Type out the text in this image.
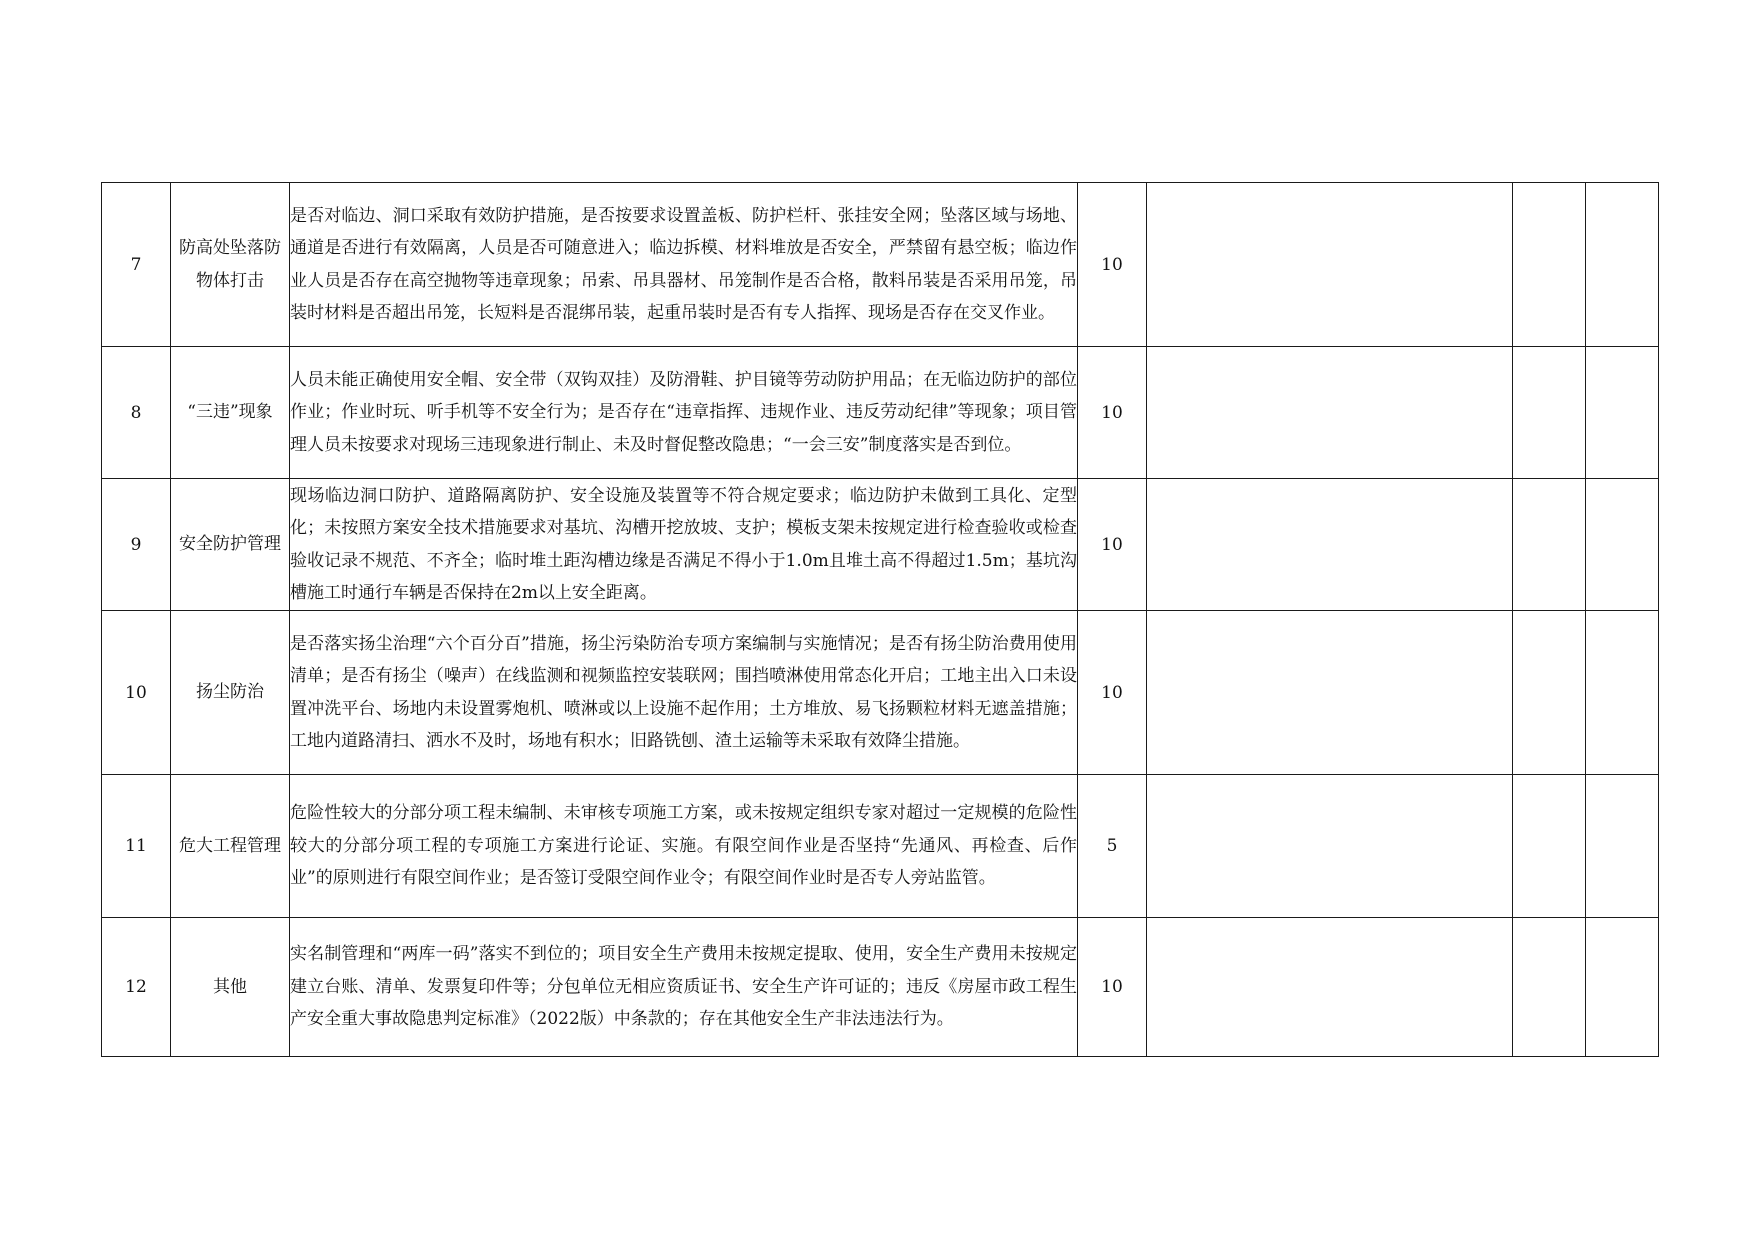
7	防高处坠落防物体打击	是否对临边、洞口采取有效防护措施，是否按要求设置盖板、防护栏杆、张挂安全网；坠落区域与场地、通道是否进行有效隔离，人员是否可随意进入；临边拆模、材料堆放是否安全，严禁留有悬空板；临边作业人员是否存在高空抛物等违章现象；吊索、吊具器材、吊笼制作是否合格，散料吊装是否采用吊笼，吊装时材料是否超出吊笼，长短料是否混绑吊装，起重吊装时是否有专人指挥、现场是否存在交叉作业。	10			
8	“三违”现象	人员未能正确使用安全帽、安全带（双钩双挂）及防滑鞋、护目镜等劳动防护用品；在无临边防护的部位作业；作业时玩、听手机等不安全行为；是否存在“违章指挥、违规作业、违反劳动纪律”等现象；项目管理人员未按要求对现场三违现象进行制止、未及时督促整改隐患；“一会三安”制度落实是否到位。	10			
9	安全防护管理	现场临边洞口防护、道路隔离防护、安全设施及装置等不符合规定要求；临边防护未做到工具化、定型化；未按照方案安全技术措施要求对基坑、沟槽开挖放坡、支护；模板支架未按规定进行检查验收或检查验收记录不规范、不齐全；临时堆土距沟槽边缘是否满足不得小于1.0m且堆土高不得超过1.5m；基坑沟槽施工时通行车辆是否保持在2m以上安全距离。	10			
10	扬尘防治	是否落实扬尘治理“六个百分百”措施，扬尘污染防治专项方案编制与实施情况；是否有扬尘防治费用使用清单；是否有扬尘（噪声）在线监测和视频监控安装联网；围挡喷淋使用常态化开启；工地主出入口未设置冲洗平台、场地内未设置雾炮机、喷淋或以上设施不起作用；土方堆放、易飞扬颗粒材料无遮盖措施；工地内道路清扫、洒水不及时，场地有积水；旧路铣刨、渣土运输等未采取有效降尘措施。	10			
11	危大工程管理	危险性较大的分部分项工程未编制、未审核专项施工方案，或未按规定组织专家对超过一定规模的危险性较大的分部分项工程的专项施工方案进行论证、实施。有限空间作业是否坚持“先通风、再检查、后作业”的原则进行有限空间作业；是否签订受限空间作业令；有限空间作业时是否专人旁站监管。	5			
12	其他	实名制管理和“两库一码”落实不到位的；项目安全生产费用未按规定提取、使用，安全生产费用未按规定建立台账、清单、发票复印件等；分包单位无相应资质证书、安全生产许可证的；违反《房屋市政工程生产安全重大事故隐患判定标准》（2022版）中条款的；存在其他安全生产非法违法行为。	10			
